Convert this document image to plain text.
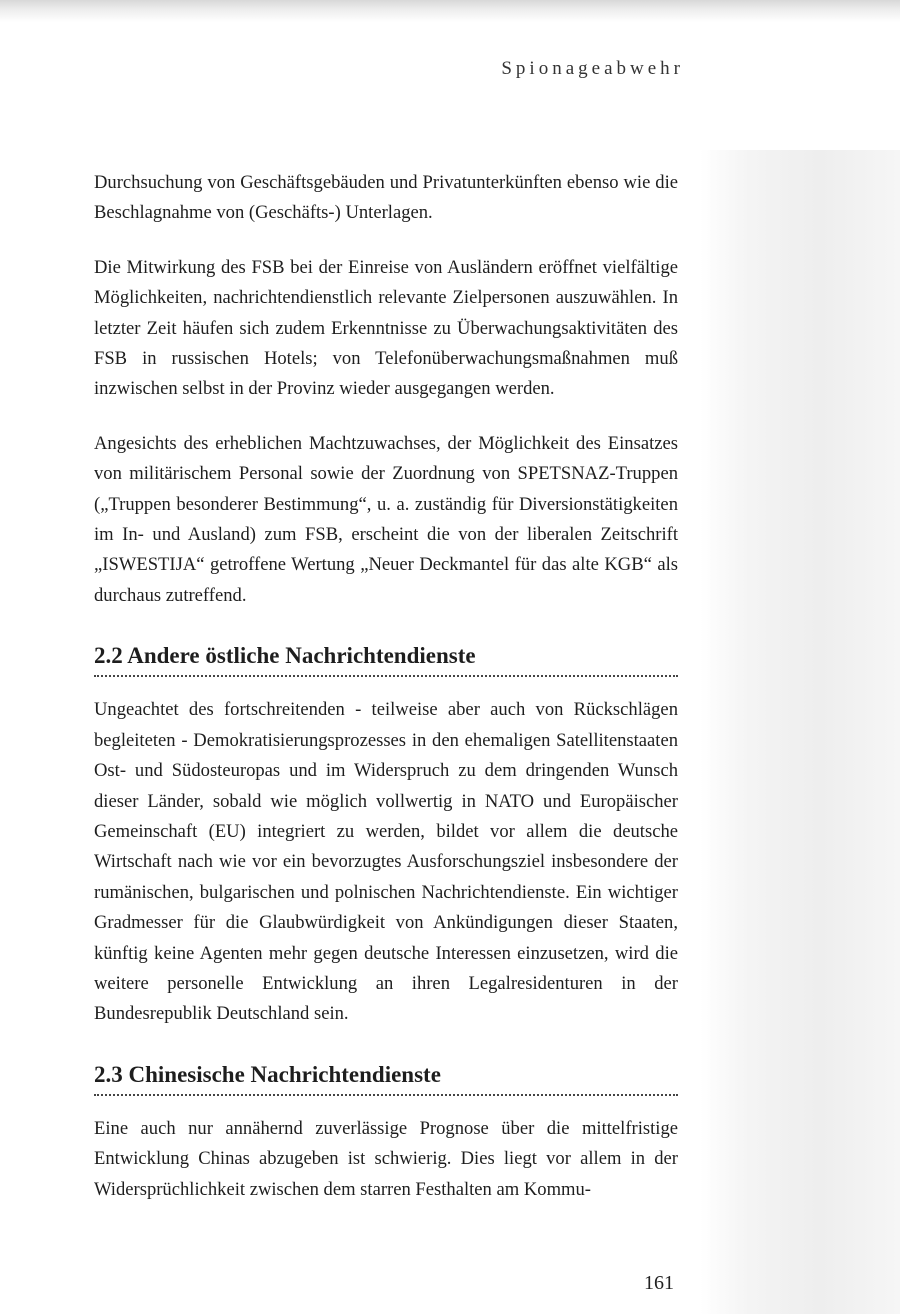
Spionageabwehr

Durchsuchung von Geschäftsgebäuden und Privatunterkünften ebenso wie die Beschlagnahme von (Geschäfts-) Unterlagen.

Die Mitwirkung des FSB bei der Einreise von Ausländern eröffnet vielfältige Möglichkeiten, nachrichtendienstlich relevante Zielpersonen auszuwählen. In letzter Zeit häufen sich zudem Erkenntnisse zu Überwachungsaktivitäten des FSB in russischen Hotels; von Telefonüberwachungsmaßnahmen muß inzwischen selbst in der Provinz wieder ausgegangen werden.

Angesichts des erheblichen Machtzuwachses, der Möglichkeit des Einsatzes von militärischem Personal sowie der Zuordnung von SPETSNAZ-Truppen („Truppen besonderer Bestimmung“, u. a. zuständig für Diversionstätigkeiten im In- und Ausland) zum FSB, erscheint die von der liberalen Zeitschrift „ISWESTIJA“ getroffene Wertung „Neuer Deckmantel für das alte KGB“ als durchaus zutreffend.

2.2 Andere östliche Nachrichtendienste

Ungeachtet des fortschreitenden - teilweise aber auch von Rückschlägen begleiteten - Demokratisierungsprozesses in den ehemaligen Satellitenstaaten Ost- und Südosteuropas und im Widerspruch zu dem dringenden Wunsch dieser Länder, sobald wie möglich vollwertig in NATO und Europäischer Gemeinschaft (EU) integriert zu werden, bildet vor allem die deutsche Wirtschaft nach wie vor ein bevorzugtes Ausforschungsziel insbesondere der rumänischen, bulgarischen und polnischen Nachrichtendienste. Ein wichtiger Gradmesser für die Glaubwürdigkeit von Ankündigungen dieser Staaten, künftig keine Agenten mehr gegen deutsche Interessen einzusetzen, wird die weitere personelle Entwicklung an ihren Legalresidenturen in der Bundesrepublik Deutschland sein.

2.3 Chinesische Nachrichtendienste

Eine auch nur annähernd zuverlässige Prognose über die mittelfristige Entwicklung Chinas abzugeben ist schwierig. Dies liegt vor allem in der Widersprüchlichkeit zwischen dem starren Festhalten am Kommu-

161
